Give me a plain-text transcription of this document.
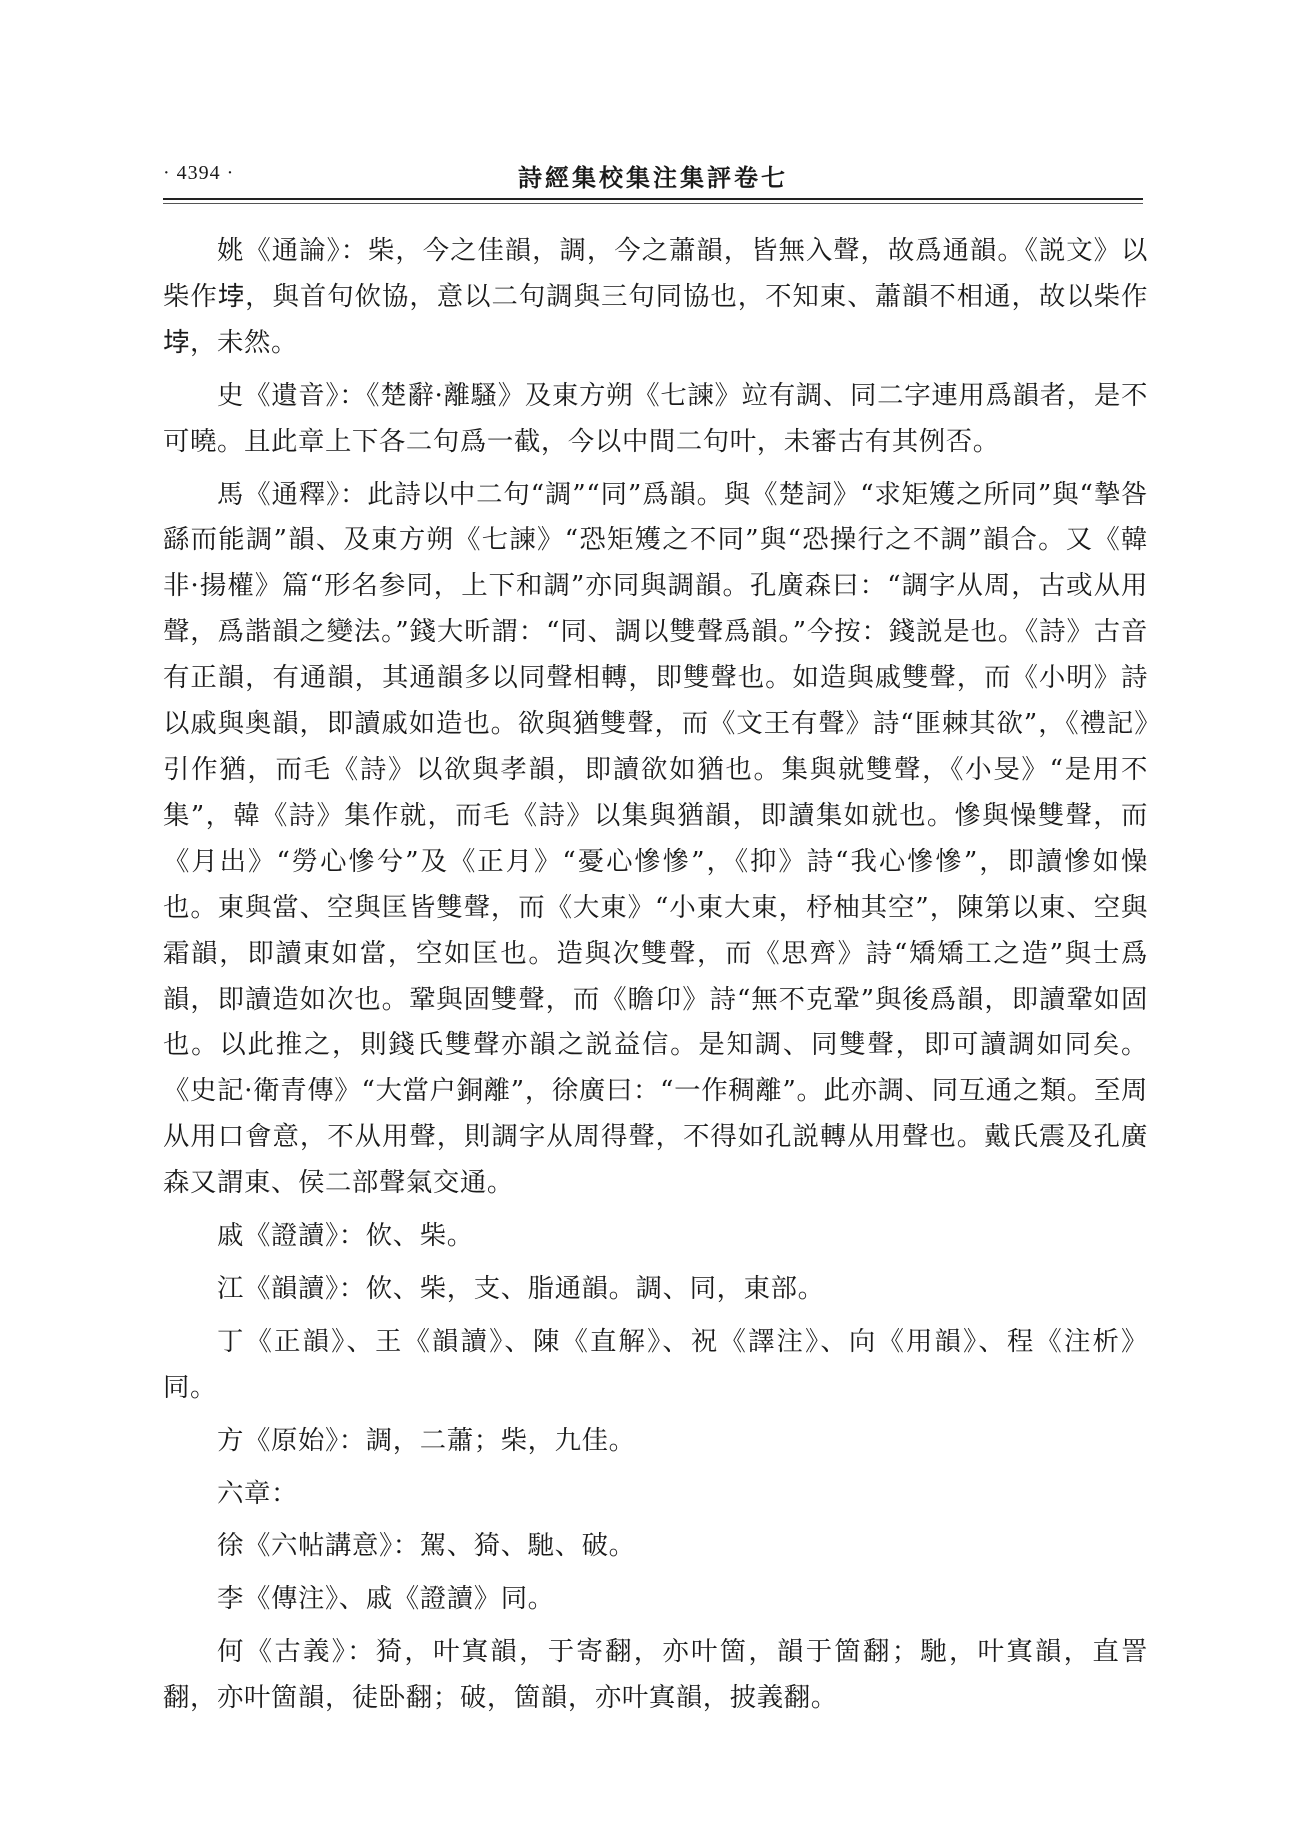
· 4394 ·	詩經集校集注集評卷七

姚《通論》：柴，今之佳韻，調，今之蕭韻，皆無入聲，故爲通韻。《説文》以柴作𡋯，與首句佽協，意以二句調與三句同協也，不知東、蕭韻不相通，故以柴作𡋯，未然。

史《遺音》：《楚辭·離騷》及東方朔《七諫》竝有調、同二字連用爲韻者，是不可曉。且此章上下各二句爲一截，今以中間二句叶，未審古有其例否。

馬《通釋》：此詩以中二句“調”“同”爲韻。與《楚詞》“求矩矱之所同”與“摯咎繇而能調”韻、及東方朔《七諫》“恐矩矱之不同”與“恐操行之不調”韻合。又《韓非·揚權》篇“形名参同，上下和調”亦同與調韻。孔廣森曰：“調字从周，古或从用聲，爲諧韻之變法。”錢大昕謂：“同、調以雙聲爲韻。”今按：錢説是也。《詩》古音有正韻，有通韻，其通韻多以同聲相轉，即雙聲也。如造與戚雙聲，而《小明》詩以戚與奥韻，即讀戚如造也。欲與猶雙聲，而《文王有聲》詩“匪棘其欲”，《禮記》引作猶，而毛《詩》以欲與孝韻，即讀欲如猶也。集與就雙聲，《小旻》“是用不集”，韓《詩》集作就，而毛《詩》以集與猶韻，即讀集如就也。慘與懆雙聲，而《月出》“勞心慘兮”及《正月》“憂心慘慘”，《抑》詩“我心慘慘”，即讀慘如懆也。東與當、空與匡皆雙聲，而《大東》“小東大東，杼柚其空”，陳第以東、空與霜韻，即讀東如當，空如匡也。造與次雙聲，而《思齊》詩“矯矯工之造”與士爲韻，即讀造如次也。鞏與固雙聲，而《瞻卬》詩“無不克鞏”與後爲韻，即讀鞏如固也。以此推之，則錢氏雙聲亦韻之説益信。是知調、同雙聲，即可讀調如同矣。《史記·衛青傳》“大當户銅離”，徐廣曰：“一作稠離”。此亦調、同互通之類。至周从用口會意，不从用聲，則調字从周得聲，不得如孔説轉从用聲也。戴氏震及孔廣森又謂東、侯二部聲氣交通。

戚《證讀》：佽、柴。

江《韻讀》：佽、柴，支、脂通韻。調、同，東部。

丁《正韻》、王《韻讀》、陳《直解》、祝《譯注》、向《用韻》、程《注析》同。

方《原始》：調，二蕭；柴，九佳。

六章：

徐《六帖講意》：駕、猗、馳、破。

李《傳注》、戚《證讀》同。

何《古義》：猗，叶寘韻，于寄翻，亦叶箇，韻于箇翻；馳，叶寘韻，直詈翻，亦叶箇韻，徒卧翻；破，箇韻，亦叶寘韻，披義翻。
